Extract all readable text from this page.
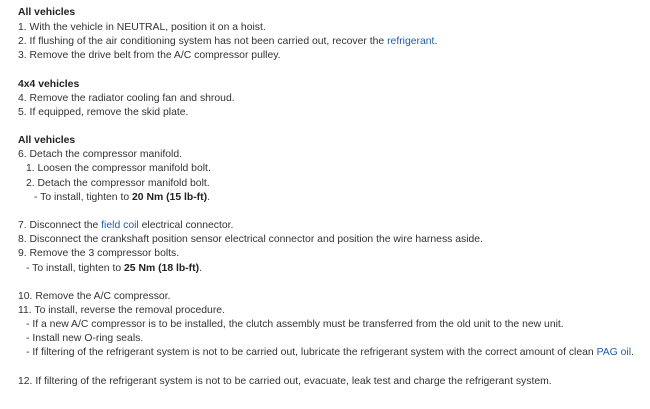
All vehicles
1. With the vehicle in NEUTRAL, position it on a hoist.
2. If flushing of the air conditioning system has not been carried out, recover the refrigerant.
3. Remove the drive belt from the A/C compressor pulley.
4x4 vehicles
4. Remove the radiator cooling fan and shroud.
5. If equipped, remove the skid plate.
All vehicles
6. Detach the compressor manifold.
1. Loosen the compressor manifold bolt.
2. Detach the compressor manifold bolt.
- To install, tighten to 20 Nm (15 lb-ft).
7. Disconnect the field coil electrical connector.
8. Disconnect the crankshaft position sensor electrical connector and position the wire harness aside.
9. Remove the 3 compressor bolts.
- To install, tighten to 25 Nm (18 lb-ft).
10. Remove the A/C compressor.
11. To install, reverse the removal procedure.
- If a new A/C compressor is to be installed, the clutch assembly must be transferred from the old unit to the new unit.
- Install new O-ring seals.
- If filtering of the refrigerant system is not to be carried out, lubricate the refrigerant system with the correct amount of clean PAG oil.
12. If filtering of the refrigerant system is not to be carried out, evacuate, leak test and charge the refrigerant system.
